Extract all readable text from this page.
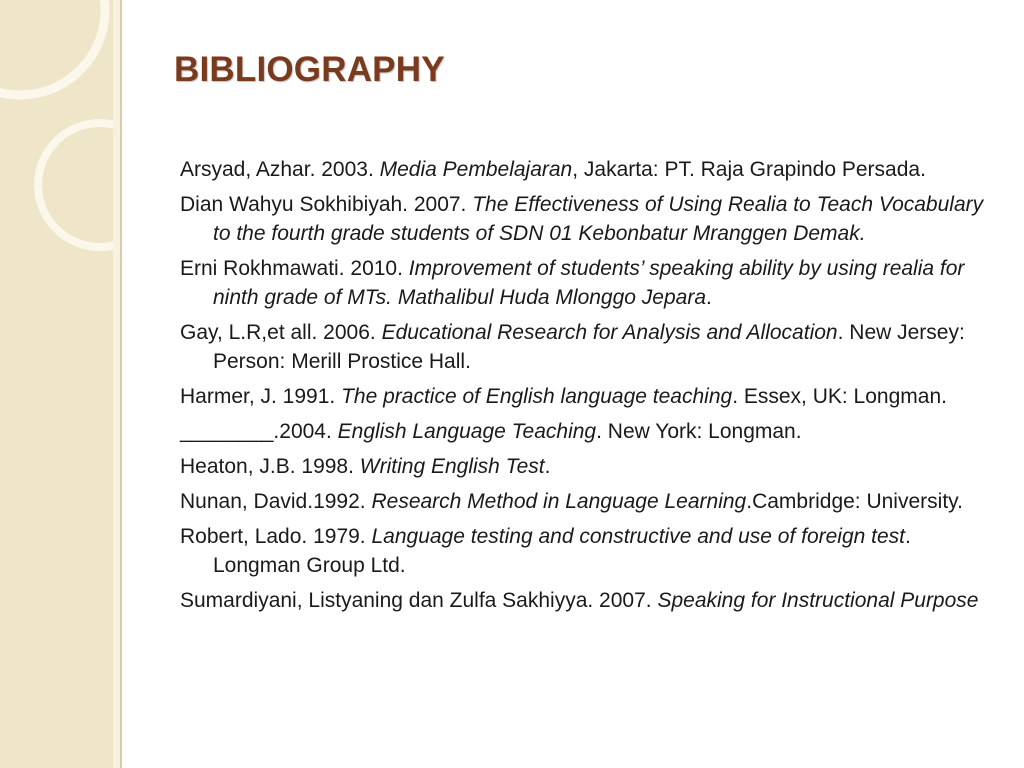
BIBLIOGRAPHY
Arsyad, Azhar. 2003. Media Pembelajaran, Jakarta: PT. Raja Grapindo Persada.
Dian Wahyu Sokhibiyah. 2007. The Effectiveness of Using Realia to Teach Vocabulary to the fourth grade students of SDN 01 Kebonbatur Mranggen Demak.
Erni Rokhmawati. 2010. Improvement of students’ speaking ability by using realia for ninth grade of MTs. Mathalibul Huda Mlonggo Jepara.
Gay, L.R,et all. 2006. Educational Research for Analysis and Allocation. New Jersey: Person: Merill Prostice Hall.
Harmer, J. 1991. The practice of English language teaching. Essex, UK: Longman.
________.2004. English Language Teaching. New York: Longman.
Heaton, J.B. 1998. Writing English Test.
Nunan, David.1992. Research Method in Language Learning.Cambridge: University.
Robert, Lado. 1979. Language testing and constructive and use of foreign test. Longman Group Ltd.
Sumardiyani, Listyaning dan Zulfa Sakhiyya. 2007. Speaking for Instructional Purpose
